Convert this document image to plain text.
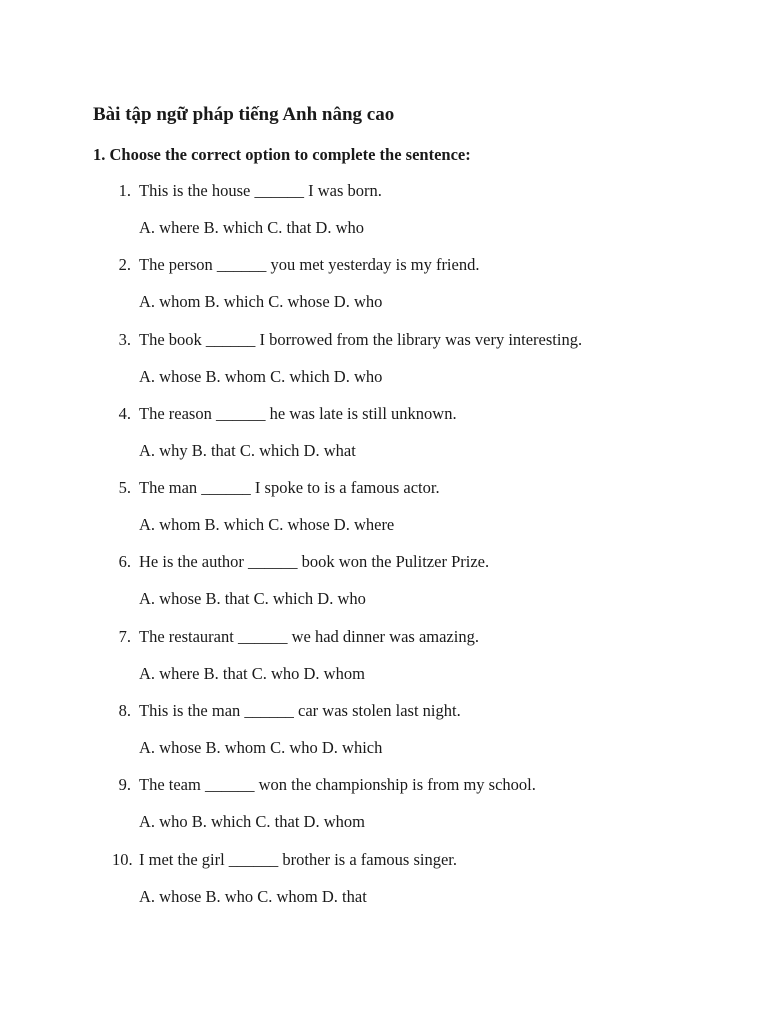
Bài tập ngữ pháp tiếng Anh nâng cao
1. Choose the correct option to complete the sentence:
1. This is the house ______ I was born.
A. where B. which C. that D. who
2. The person ______ you met yesterday is my friend.
A. whom B. which C. whose D. who
3. The book ______ I borrowed from the library was very interesting.
A. whose B. whom C. which D. who
4. The reason ______ he was late is still unknown.
A. why B. that C. which D. what
5. The man ______ I spoke to is a famous actor.
A. whom B. which C. whose D. where
6. He is the author ______ book won the Pulitzer Prize.
A. whose B. that C. which D. who
7. The restaurant ______ we had dinner was amazing.
A. where B. that C. who D. whom
8. This is the man ______ car was stolen last night.
A. whose B. whom C. who D. which
9. The team ______ won the championship is from my school.
A. who B. which C. that D. whom
10. I met the girl ______ brother is a famous singer.
A. whose B. who C. whom D. that
